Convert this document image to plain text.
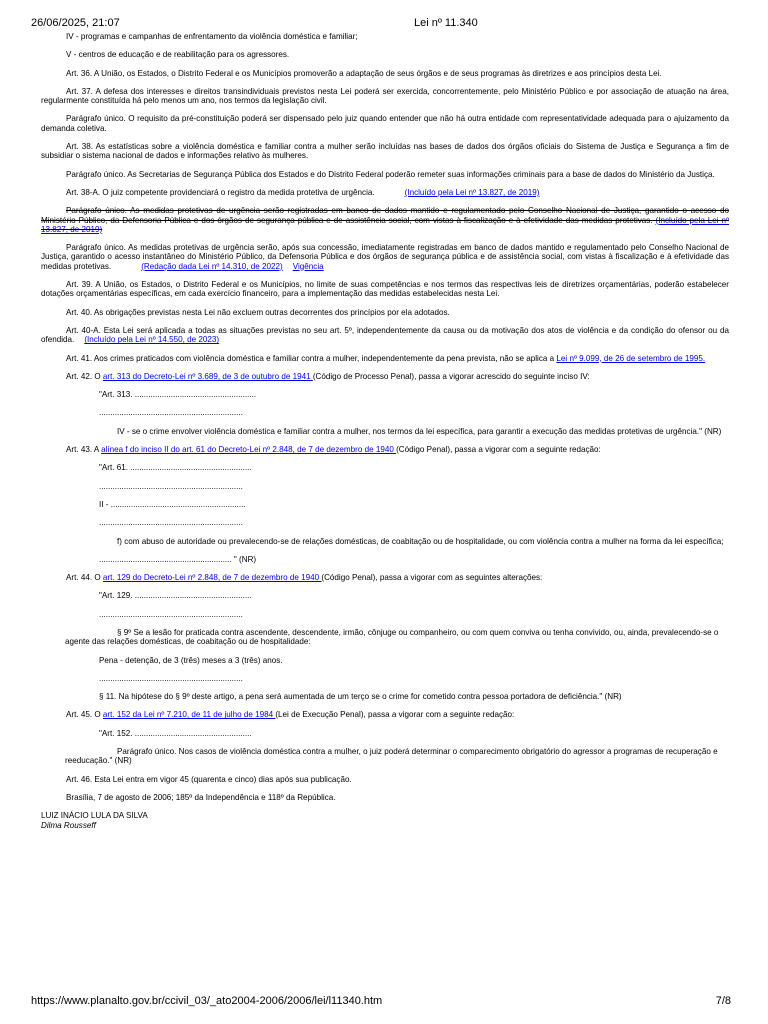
26/06/2025, 21:07	Lei nº 11.340

IV - programas e campanhas de enfrentamento da violência doméstica e familiar;

V - centros de educação e de reabilitação para os agressores.

Art. 36. A União, os Estados, o Distrito Federal e os Municípios promoverão a adaptação de seus órgãos e de seus programas às diretrizes e aos princípios desta Lei.

Art. 37. A defesa dos interesses e direitos transindividuais previstos nesta Lei poderá ser exercida, concorrentemente, pelo Ministério Público e por associação de atuação na área, regularmente constituída há pelo menos um ano, nos termos da legislação civil.

Parágrafo único. O requisito da pré-constituição poderá ser dispensado pelo juiz quando entender que não há outra entidade com representatividade adequada para o ajuizamento da demanda coletiva.

Art. 38. As estatísticas sobre a violência doméstica e familiar contra a mulher serão incluídas nas bases de dados dos órgãos oficiais do Sistema de Justiça e Segurança a fim de subsidiar o sistema nacional de dados e informações relativo às mulheres.

Parágrafo único. As Secretarias de Segurança Pública dos Estados e do Distrito Federal poderão remeter suas informações criminais para a base de dados do Ministério da Justiça.

Art. 38-A. O juiz competente providenciará o registro da medida protetiva de urgência.	(Incluído pela Lei nº 13.827, de 2019)

Parágrafo único. As medidas protetivas de urgência serão registradas em banco de dados mantido e regulamentado pelo Conselho Nacional de Justiça, garantido o acesso do Ministério Público, da Defensoria Pública e dos órgãos de segurança pública e de assistência social, com vistas à fiscalização e à efetividade das medidas protetivas. (Incluído pela Lei nº 13.827, de 2019)

Parágrafo único. As medidas protetivas de urgência serão, após sua concessão, imediatamente registradas em banco de dados mantido e regulamentado pelo Conselho Nacional de Justiça, garantido o acesso instantâneo do Ministério Público, da Defensoria Pública e dos órgãos de segurança pública e de assistência social, com vistas à fiscalização e à efetividade das medidas protetivas.	(Redação dada Lei nº 14.310, de 2022) Vigência

Art. 39. A União, os Estados, o Distrito Federal e os Municípios, no limite de suas competências e nos termos das respectivas leis de diretrizes orçamentárias, poderão estabelecer dotações orçamentárias específicas, em cada exercício financeiro, para a implementação das medidas estabelecidas nesta Lei.

Art. 40. As obrigações previstas nesta Lei não excluem outras decorrentes dos princípios por ela adotados.

Art. 40-A. Esta Lei será aplicada a todas as situações previstas no seu art. 5º, independentemente da causa ou da motivação dos atos de violência e da condição do ofensor ou da ofendida. (Incluído pela Lei nº 14.550, de 2023)

Art. 41. Aos crimes praticados com violência doméstica e familiar contra a mulher, independentemente da pena prevista, não se aplica a Lei nº 9.099, de 26 de setembro de 1995.

Art. 42. O art. 313 do Decreto-Lei nº 3.689, de 3 de outubro de 1941 (Código de Processo Penal), passa a vigorar acrescido do seguinte inciso IV:

"Art. 313. ......................................................

................................................................

IV - se o crime envolver violência doméstica e familiar contra a mulher, nos termos da lei específica, para garantir a execução das medidas protetivas de urgência." (NR)

Art. 43. A alínea f do inciso II do art. 61 do Decreto-Lei nº 2.848, de 7 de dezembro de 1940 (Código Penal), passa a vigorar com a seguinte redação:

"Art. 61. ......................................................

................................................................

II - ............................................................

................................................................

f) com abuso de autoridade ou prevalecendo-se de relações domésticas, de coabitação ou de hospitalidade, ou com violência contra a mulher na forma da lei específica;

........................................................... " (NR)

Art. 44. O art. 129 do Decreto-Lei nº 2.848, de 7 de dezembro de 1940 (Código Penal), passa a vigorar com as seguintes alterações:

"Art. 129. ....................................................

................................................................

§ 9º Se a lesão for praticada contra ascendente, descendente, irmão, cônjuge ou companheiro, ou com quem conviva ou tenha convivido, ou, ainda, prevalecendo-se o agente das relações domésticas, de coabitação ou de hospitalidade:

Pena - detenção, de 3 (três) meses a 3 (três) anos.

................................................................

§ 11. Na hipótese do § 9º deste artigo, a pena será aumentada de um terço se o crime for cometido contra pessoa portadora de deficiência." (NR)

Art. 45. O art. 152 da Lei nº 7.210, de 11 de julho de 1984 (Lei de Execução Penal), passa a vigorar com a seguinte redação:

"Art. 152. ....................................................

Parágrafo único. Nos casos de violência doméstica contra a mulher, o juiz poderá determinar o comparecimento obrigatório do agressor a programas de recuperação e reeducação." (NR)

Art. 46. Esta Lei entra em vigor 45 (quarenta e cinco) dias após sua publicação.

Brasília, 7 de agosto de 2006; 185º da Independência e 118º da República.

LUIZ INÁCIO LULA DA SILVA

Dilma Rousseff

https://www.planalto.gov.br/ccivil_03/_ato2004-2006/2006/lei/l11340.htm	7/8
